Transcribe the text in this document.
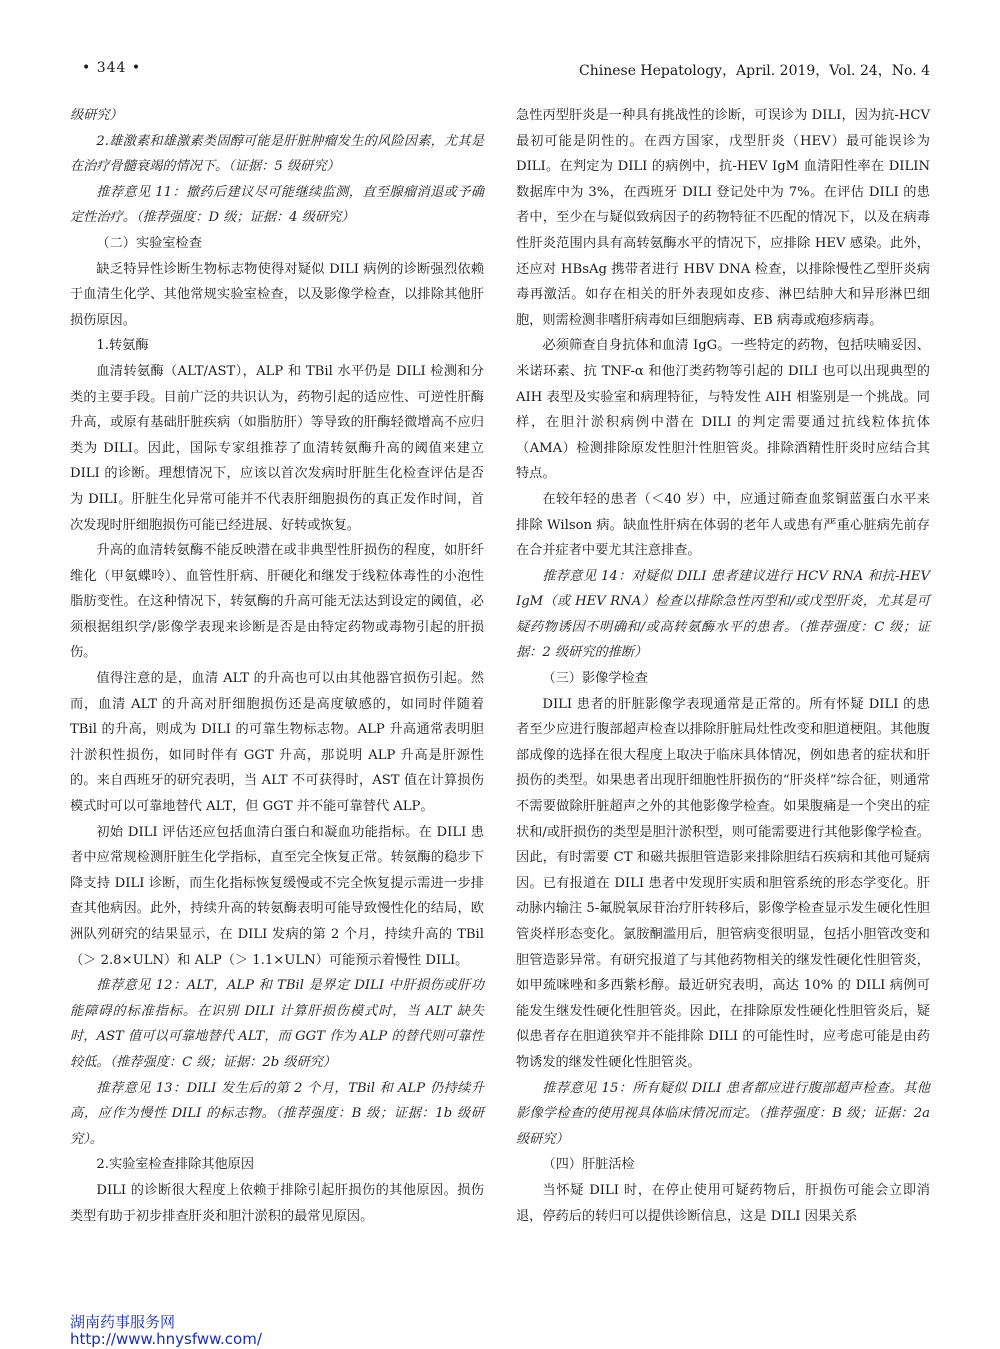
• 344 •	Chinese Hepatology，April. 2019，Vol. 24，No. 4

级研究）

2.雄激素和雄激素类固醇可能是肝脏肿瘤发生的风险因素，尤其是在治疗骨髓衰竭的情况下。（证据：5 级研究）

推荐意见 11：撤药后建议尽可能继续监测，直至腺瘤消退或予确定性治疗。（推荐强度：D 级；证据：4 级研究）

（二）实验室检查

缺乏特异性诊断生物标志物使得对疑似 DILI 病例的诊断强烈依赖于血清生化学、其他常规实验室检查，以及影像学检查，以排除其他肝损伤原因。

1.转氨酶

血清转氨酶（ALT/AST），ALP 和 TBil 水平仍是 DILI 检测和分类的主要手段。目前广泛的共识认为，药物引起的适应性、可逆性肝酶升高，或原有基础肝脏疾病（如脂肪肝）等导致的肝酶轻微增高不应归类为 DILI。因此，国际专家组推荐了血清转氨酶升高的阈值来建立 DILI 的诊断。理想情况下，应该以首次发病时肝脏生化检查评估是否为 DILI。肝脏生化异常可能并不代表肝细胞损伤的真正发作时间，首次发现时肝细胞损伤可能已经进展、好转或恢复。

升高的血清转氨酶不能反映潜在或非典型性肝损伤的程度，如肝纤维化（甲氨蝶呤）、血管性肝病、肝硬化和继发于线粒体毒性的小泡性脂肪变性。在这种情况下，转氨酶的升高可能无法达到设定的阈值，必须根据组织学/影像学表现来诊断是否是由特定药物或毒物引起的肝损伤。

值得注意的是，血清 ALT 的升高也可以由其他器官损伤引起。然而，血清 ALT 的升高对肝细胞损伤还是高度敏感的，如同时伴随着 TBil 的升高，则成为 DILI 的可靠生物标志物。ALP 升高通常表明胆汁淤积性损伤，如同时伴有 GGT 升高，那说明 ALP 升高是肝源性的。来自西班牙的研究表明，当 ALT 不可获得时，AST 值在计算损伤模式时可以可靠地替代 ALT，但 GGT 并不能可靠替代 ALP。

初始 DILI 评估还应包括血清白蛋白和凝血功能指标。在 DILI 患者中应常规检测肝脏生化学指标，直至完全恢复正常。转氨酶的稳步下降支持 DILI 诊断，而生化指标恢复缓慢或不完全恢复提示需进一步排查其他病因。此外，持续升高的转氨酶表明可能导致慢性化的结局，欧洲队列研究的结果显示，在 DILI 发病的第 2 个月，持续升高的 TBil（＞ 2.8×ULN）和 ALP（＞ 1.1×ULN）可能预示着慢性 DILI。

推荐意见 12：ALT，ALP 和 TBil 是界定 DILI 中肝损伤或肝功能障碍的标准指标。在识别 DILI 计算肝损伤模式时，当 ALT 缺失时，AST 值可以可靠地替代 ALT，而 GGT 作为 ALP 的替代则可靠性较低。（推荐强度：C 级；证据：2b 级研究）

推荐意见 13：DILI 发生后的第 2 个月，TBil 和 ALP 仍持续升高，应作为慢性 DILI 的标志物。（推荐强度：B 级；证据：1b 级研究）。

2.实验室检查排除其他原因

DILI 的诊断很大程度上依赖于排除引起肝损伤的其他原因。损伤类型有助于初步排查肝炎和胆汁淤积的最常见原因。

急性丙型肝炎是一种具有挑战性的诊断，可误诊为 DILI，因为抗-HCV 最初可能是阴性的。在西方国家，戊型肝炎（HEV）最可能误诊为 DILI。在判定为 DILI 的病例中，抗-HEV IgM 血清阳性率在 DILIN 数据库中为 3%，在西班牙 DILI 登记处中为 7%。在评估 DILI 的患者中，至少在与疑似致病因子的药物特征不匹配的情况下，以及在病毒性肝炎范围内具有高转氨酶水平的情况下，应排除 HEV 感染。此外，还应对 HBsAg 携带者进行 HBV DNA 检查，以排除慢性乙型肝炎病毒再激活。如存在相关的肝外表现如皮疹、淋巴结肿大和异形淋巴细胞，则需检测非嗜肝病毒如巨细胞病毒、EB 病毒或疱疹病毒。

必须筛查自身抗体和血清 IgG。一些特定的药物，包括呋喃妥因、米诺环素、抗 TNF-α 和他汀类药物等引起的 DILI 也可以出现典型的 AIH 表型及实验室和病理特征，与特发性 AIH 相鉴别是一个挑战。同样，在胆汁淤积病例中潜在 DILI 的判定需要通过抗线粒体抗体（AMA）检测排除原发性胆汁性胆管炎。排除酒精性肝炎时应结合其特点。

在较年轻的患者（＜40 岁）中，应通过筛查血浆铜蓝蛋白水平来排除 Wilson 病。缺血性肝病在体弱的老年人或患有严重心脏病先前存在合并症者中要尤其注意排查。

推荐意见 14：对疑似 DILI 患者建议进行 HCV RNA 和抗-HEV IgM（或 HEV RNA）检查以排除急性丙型和/或戊型肝炎，尤其是可疑药物诱因不明确和/或高转氨酶水平的患者。（推荐强度：C 级；证据：2 级研究的推断）

（三）影像学检查

DILI 患者的肝脏影像学表现通常是正常的。所有怀疑 DILI 的患者至少应进行腹部超声检查以排除肝脏局灶性改变和胆道梗阻。其他腹部成像的选择在很大程度上取决于临床具体情况，例如患者的症状和肝损伤的类型。如果患者出现肝细胞性肝损伤的“肝炎样”综合征，则通常不需要做除肝脏超声之外的其他影像学检查。如果腹痛是一个突出的症状和/或肝损伤的类型是胆汁淤积型，则可能需要进行其他影像学检查。因此，有时需要 CT 和磁共振胆管造影来排除胆结石疾病和其他可疑病因。已有报道在 DILI 患者中发现肝实质和胆管系统的形态学变化。肝动脉内输注 5-氟脱氧尿苷治疗肝转移后，影像学检查显示发生硬化性胆管炎样形态变化。氯胺酮滥用后，胆管病变很明显，包括小胆管改变和胆管造影异常。有研究报道了与其他药物相关的继发性硬化性胆管炎，如甲巯咪唑和多西紫杉醇。最近研究表明，高达 10% 的 DILI 病例可能发生继发性硬化性胆管炎。因此，在排除原发性硬化性胆管炎后，疑似患者存在胆道狭窄并不能排除 DILI 的可能性时，应考虑可能是由药物诱发的继发性硬化性胆管炎。

推荐意见 15：所有疑似 DILI 患者都应进行腹部超声检查。其他影像学检查的使用视具体临床情况而定。（推荐强度：B 级；证据：2a 级研究）

（四）肝脏活检

当怀疑 DILI 时，在停止使用可疑药物后，肝损伤可能会立即消退，停药后的转归可以提供诊断信息，这是 DILI 因果关系

湖南药事服务网
http://www.hnysfww.com/
